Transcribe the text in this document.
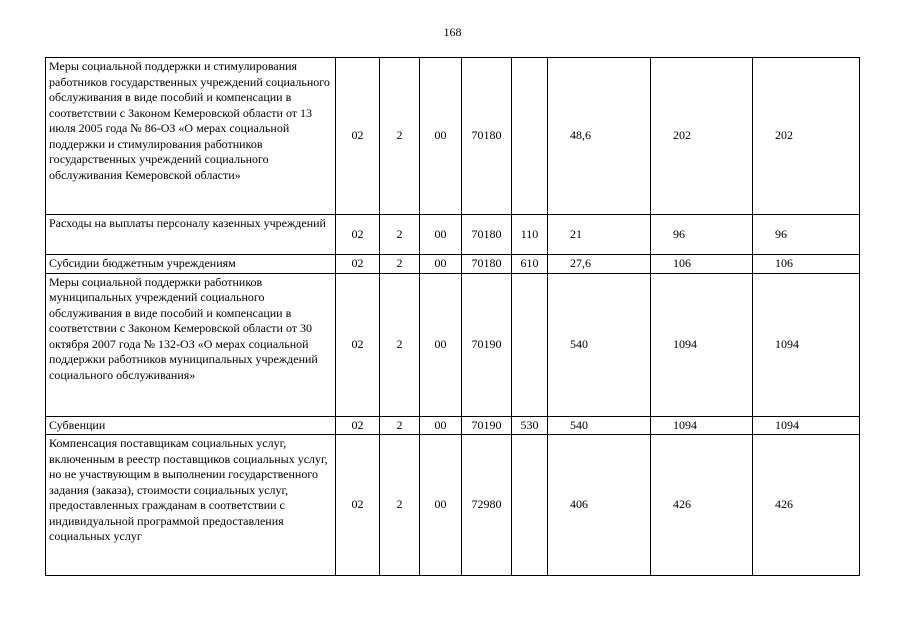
168
Меры социальной поддержки и стимулирования работников государственных учреждений социального обслуживания в виде пособий и компенсации в соответствии с Законом Кемеровской области от 13 июля 2005 года № 86-ОЗ «О мерах социальной поддержки и стимулирования работников государственных учреждений социального обслуживания Кемеровской области»	02	2	00	70180		48,6	202	202
Расходы на выплаты персоналу казенных учреждений	02	2	00	70180	110	21	96	96
Субсидии бюджетным учреждениям	02	2	00	70180	610	27,6	106	106
Меры социальной поддержки работников муниципальных учреждений социального обслуживания в виде пособий и компенсации в соответствии с Законом Кемеровской области от 30 октября 2007 года № 132-ОЗ «О мерах социальной поддержки работников муниципальных учреждений социального обслуживания»	02	2	00	70190		540	1094	1094
Субвенции	02	2	00	70190	530	540	1094	1094
Компенсация поставщикам социальных услуг, включенным в реестр поставщиков социальных услуг, но не участвующим в выполнении государственного задания (заказа), стоимости социальных услуг, предоставленных гражданам в соответствии с индивидуальной программой предоставления социальных услуг	02	2	00	72980		406	426	426
